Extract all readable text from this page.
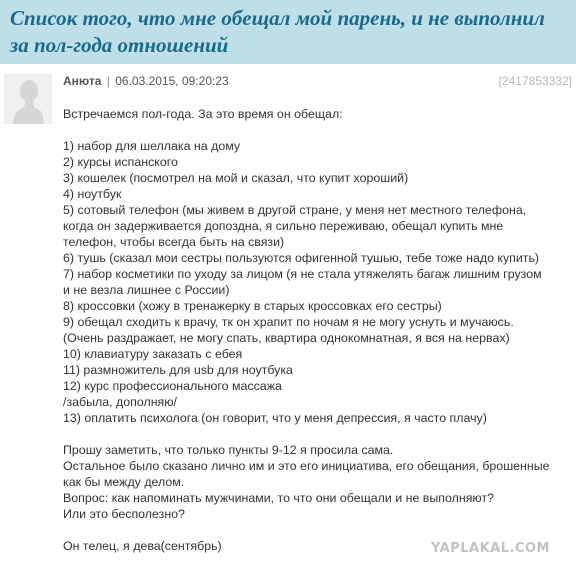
Список того, что мне обещал мой парень, и не выполнил за пол-года отношений
Анюта | 06.03.2015, 09:20:23	[2417853332]

Встречаемся пол-года. За это время он обещал:

1) набор для шеллака на дому

2) курсы испанского

3) кошелек (посмотрел на мой и сказал, что купит хороший)

4) ноутбук

5) сотовый телефон (мы живем в другой стране, у меня нет местного телефона,

когда он задерживается допоздна, я сильно переживаю, обещал купить мне

телефон, чтобы всегда быть на связи)

6) тушь (сказал мои сестры пользуются офигенной тушью, тебе тоже надо купить)

7) набор косметики по уходу за лицом (я не стала утяжелять багаж лишним грузом

и не везла лишнее с России)

8) кроссовки (хожу в тренажерку в старых кроссовках его сестры)

9) обещал сходить к врачу, тк он храпит по ночам я не могу уснуть и мучаюсь.

(Очень раздражает, не могу спать, квартира однокомнатная, я вся на нервах)

10) клавиатуру заказать с ебея

11) размножитель для usb для ноутбука

12) курс профессионального массажа

/забыла, дополняю/

13) оплатить психолога (он говорит, что у меня депрессия, я часто плачу)

Прошу заметить, что только пункты 9-12 я просила сама.

Остальное было сказано лично им и это его инициатива, его обещания, брошенные

как бы между делом.

Вопрос: как напоминать мужчинами, то что они обещали и не выполняют?

Или это бесполезно?

Он телец, я дева(сентябрь)	YAPLAKAL.COM
